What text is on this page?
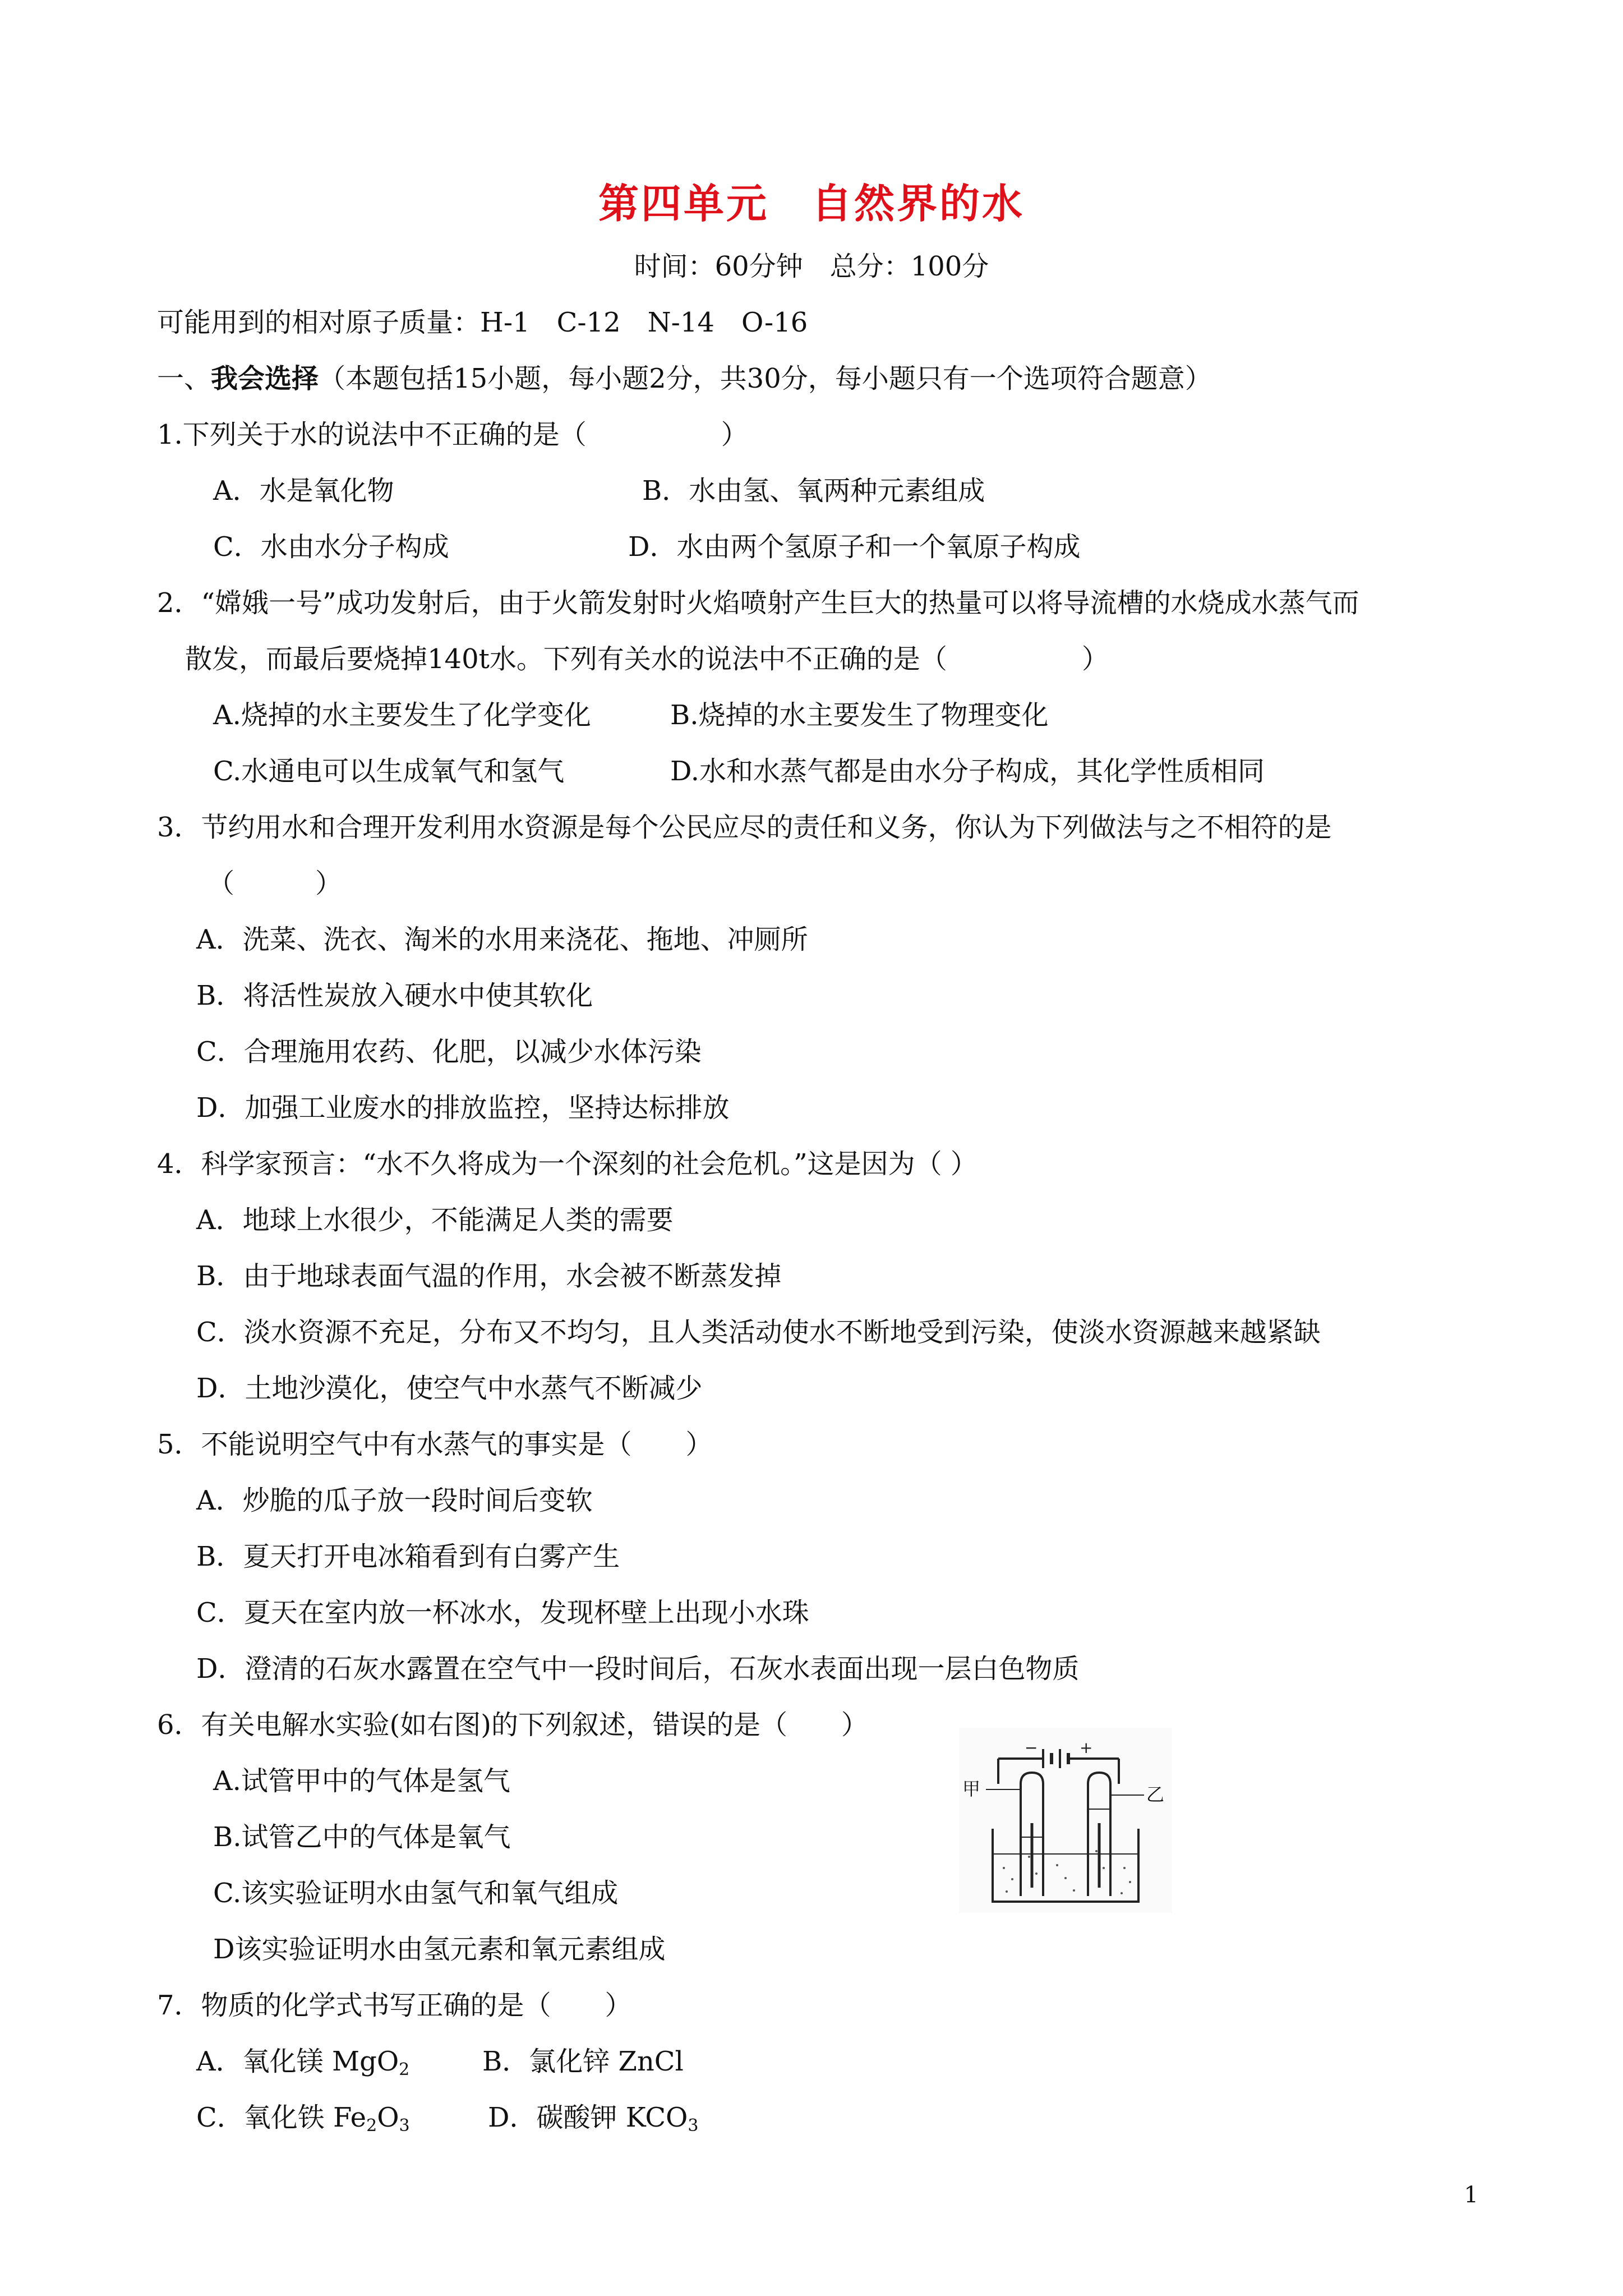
第四单元　自然界的水
时间：60分钟　总分：100分
可能用到的相对原子质量：H-1　C-12　N-14　O-16
一、我会选择（本题包括15小题，每小题2分，共30分，每小题只有一个选项符合题意）
1.下列关于水的说法中不正确的是（　　　　　）
A．水是氧化物	B．水由氢、氧两种元素组成
C．水由水分子构成	D．水由两个氢原子和一个氧原子构成
2．“嫦娥一号”成功发射后，由于火箭发射时火焰喷射产生巨大的热量可以将导流槽的水烧成水蒸气而
散发，而最后要烧掉140t水。下列有关水的说法中不正确的是（　　　　　）
A.烧掉的水主要发生了化学变化	B.烧掉的水主要发生了物理变化
C.水通电可以生成氧气和氢气	D.水和水蒸气都是由水分子构成，其化学性质相同
3．节约用水和合理开发利用水资源是每个公民应尽的责任和义务，你认为下列做法与之不相符的是
（　　　）
A．洗菜、洗衣、淘米的水用来浇花、拖地、冲厕所
B．将活性炭放入硬水中使其软化
C．合理施用农药、化肥，以减少水体污染
D．加强工业废水的排放监控，坚持达标排放
4．科学家预言：“水不久将成为一个深刻的社会危机。”这是因为（ ）
A．地球上水很少，不能满足人类的需要
B．由于地球表面气温的作用，水会被不断蒸发掉
C．淡水资源不充足，分布又不均匀，且人类活动使水不断地受到污染，使淡水资源越来越紧缺
D．土地沙漠化，使空气中水蒸气不断减少
5．不能说明空气中有水蒸气的事实是（　　）
A．炒脆的瓜子放一段时间后变软
B．夏天打开电冰箱看到有白雾产生
C．夏天在室内放一杯冰水，发现杯壁上出现小水珠
D．澄清的石灰水露置在空气中一段时间后，石灰水表面出现一层白色物质
6．有关电解水实验(如右图)的下列叙述，错误的是（　　）
A.试管甲中的气体是氢气
B.试管乙中的气体是氧气
C.该实验证明水由氢气和氧气组成
D该实验证明水由氢元素和氧元素组成
−	+
甲	乙
7．物质的化学式书写正确的是（　　）
A．氧化镁 MgO$_2$	B．氯化锌 ZnCl
C．氧化铁 $Fe_2O_3$	D．碳酸钾 $KCO_3$
1
